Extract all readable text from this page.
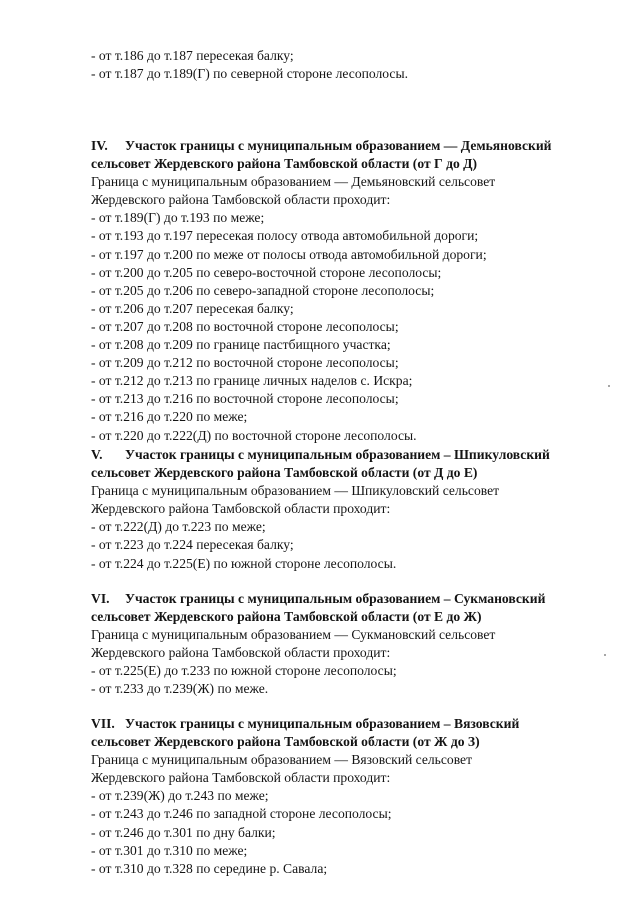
- от т.186 до т.187 пересекая балку;
- от т.187 до т.189(Г) по северной стороне лесополосы.
IV. Участок границы с муниципальным образованием — Демьяновский
сельсовет Жердевского района Тамбовской области (от Г до Д)
Граница с муниципальным образованием — Демьяновский сельсовет
Жердевского района Тамбовской области проходит:
- от т.189(Г) до т.193 по меже;
- от т.193 до т.197 пересекая полосу отвода автомобильной дороги;
- от т.197 до т.200 по меже от полосы отвода автомобильной дороги;
- от т.200 до т.205 по северо-восточной стороне лесополосы;
- от т.205 до т.206 по северо-западной стороне лесополосы;
- от т.206 до т.207 пересекая балку;
- от т.207 до т.208 по восточной стороне лесополосы;
- от т.208 до т.209 по границе пастбищного участка;
- от т.209 до т.212 по восточной стороне лесополосы;
- от т.212 до т.213 по границе личных наделов с. Искра;
- от т.213 до т.216 по восточной стороне лесополосы;
- от т.216 до т.220 по меже;
- от т.220 до т.222(Д) по восточной стороне лесополосы.
V. Участок границы с муниципальным образованием – Шпикуловский
сельсовет Жердевского района Тамбовской области (от Д до Е)
Граница с муниципальным образованием — Шпикуловский сельсовет
Жердевского района Тамбовской области проходит:
- от т.222(Д) до т.223 по меже;
- от т.223 до т.224 пересекая балку;
- от т.224 до т.225(Е) по южной стороне лесополосы.
VI. Участок границы с муниципальным образованием – Сукмановский
сельсовет Жердевского района Тамбовской области (от Е до Ж)
Граница с муниципальным образованием — Сукмановский сельсовет
Жердевского района Тамбовской области проходит:
- от т.225(Е) до т.233 по южной стороне лесополосы;
- от т.233 до т.239(Ж) по меже.
VII. Участок границы с муниципальным образованием – Вязовский
сельсовет Жердевского района Тамбовской области (от Ж до З)
Граница с муниципальным образованием — Вязовский сельсовет
Жердевского района Тамбовской области проходит:
- от т.239(Ж) до т.243 по меже;
- от т.243 до т.246 по западной стороне лесополосы;
- от т.246 до т.301 по дну балки;
- от т.301 до т.310 по меже;
- от т.310 до т.328 по середине р. Савала;
